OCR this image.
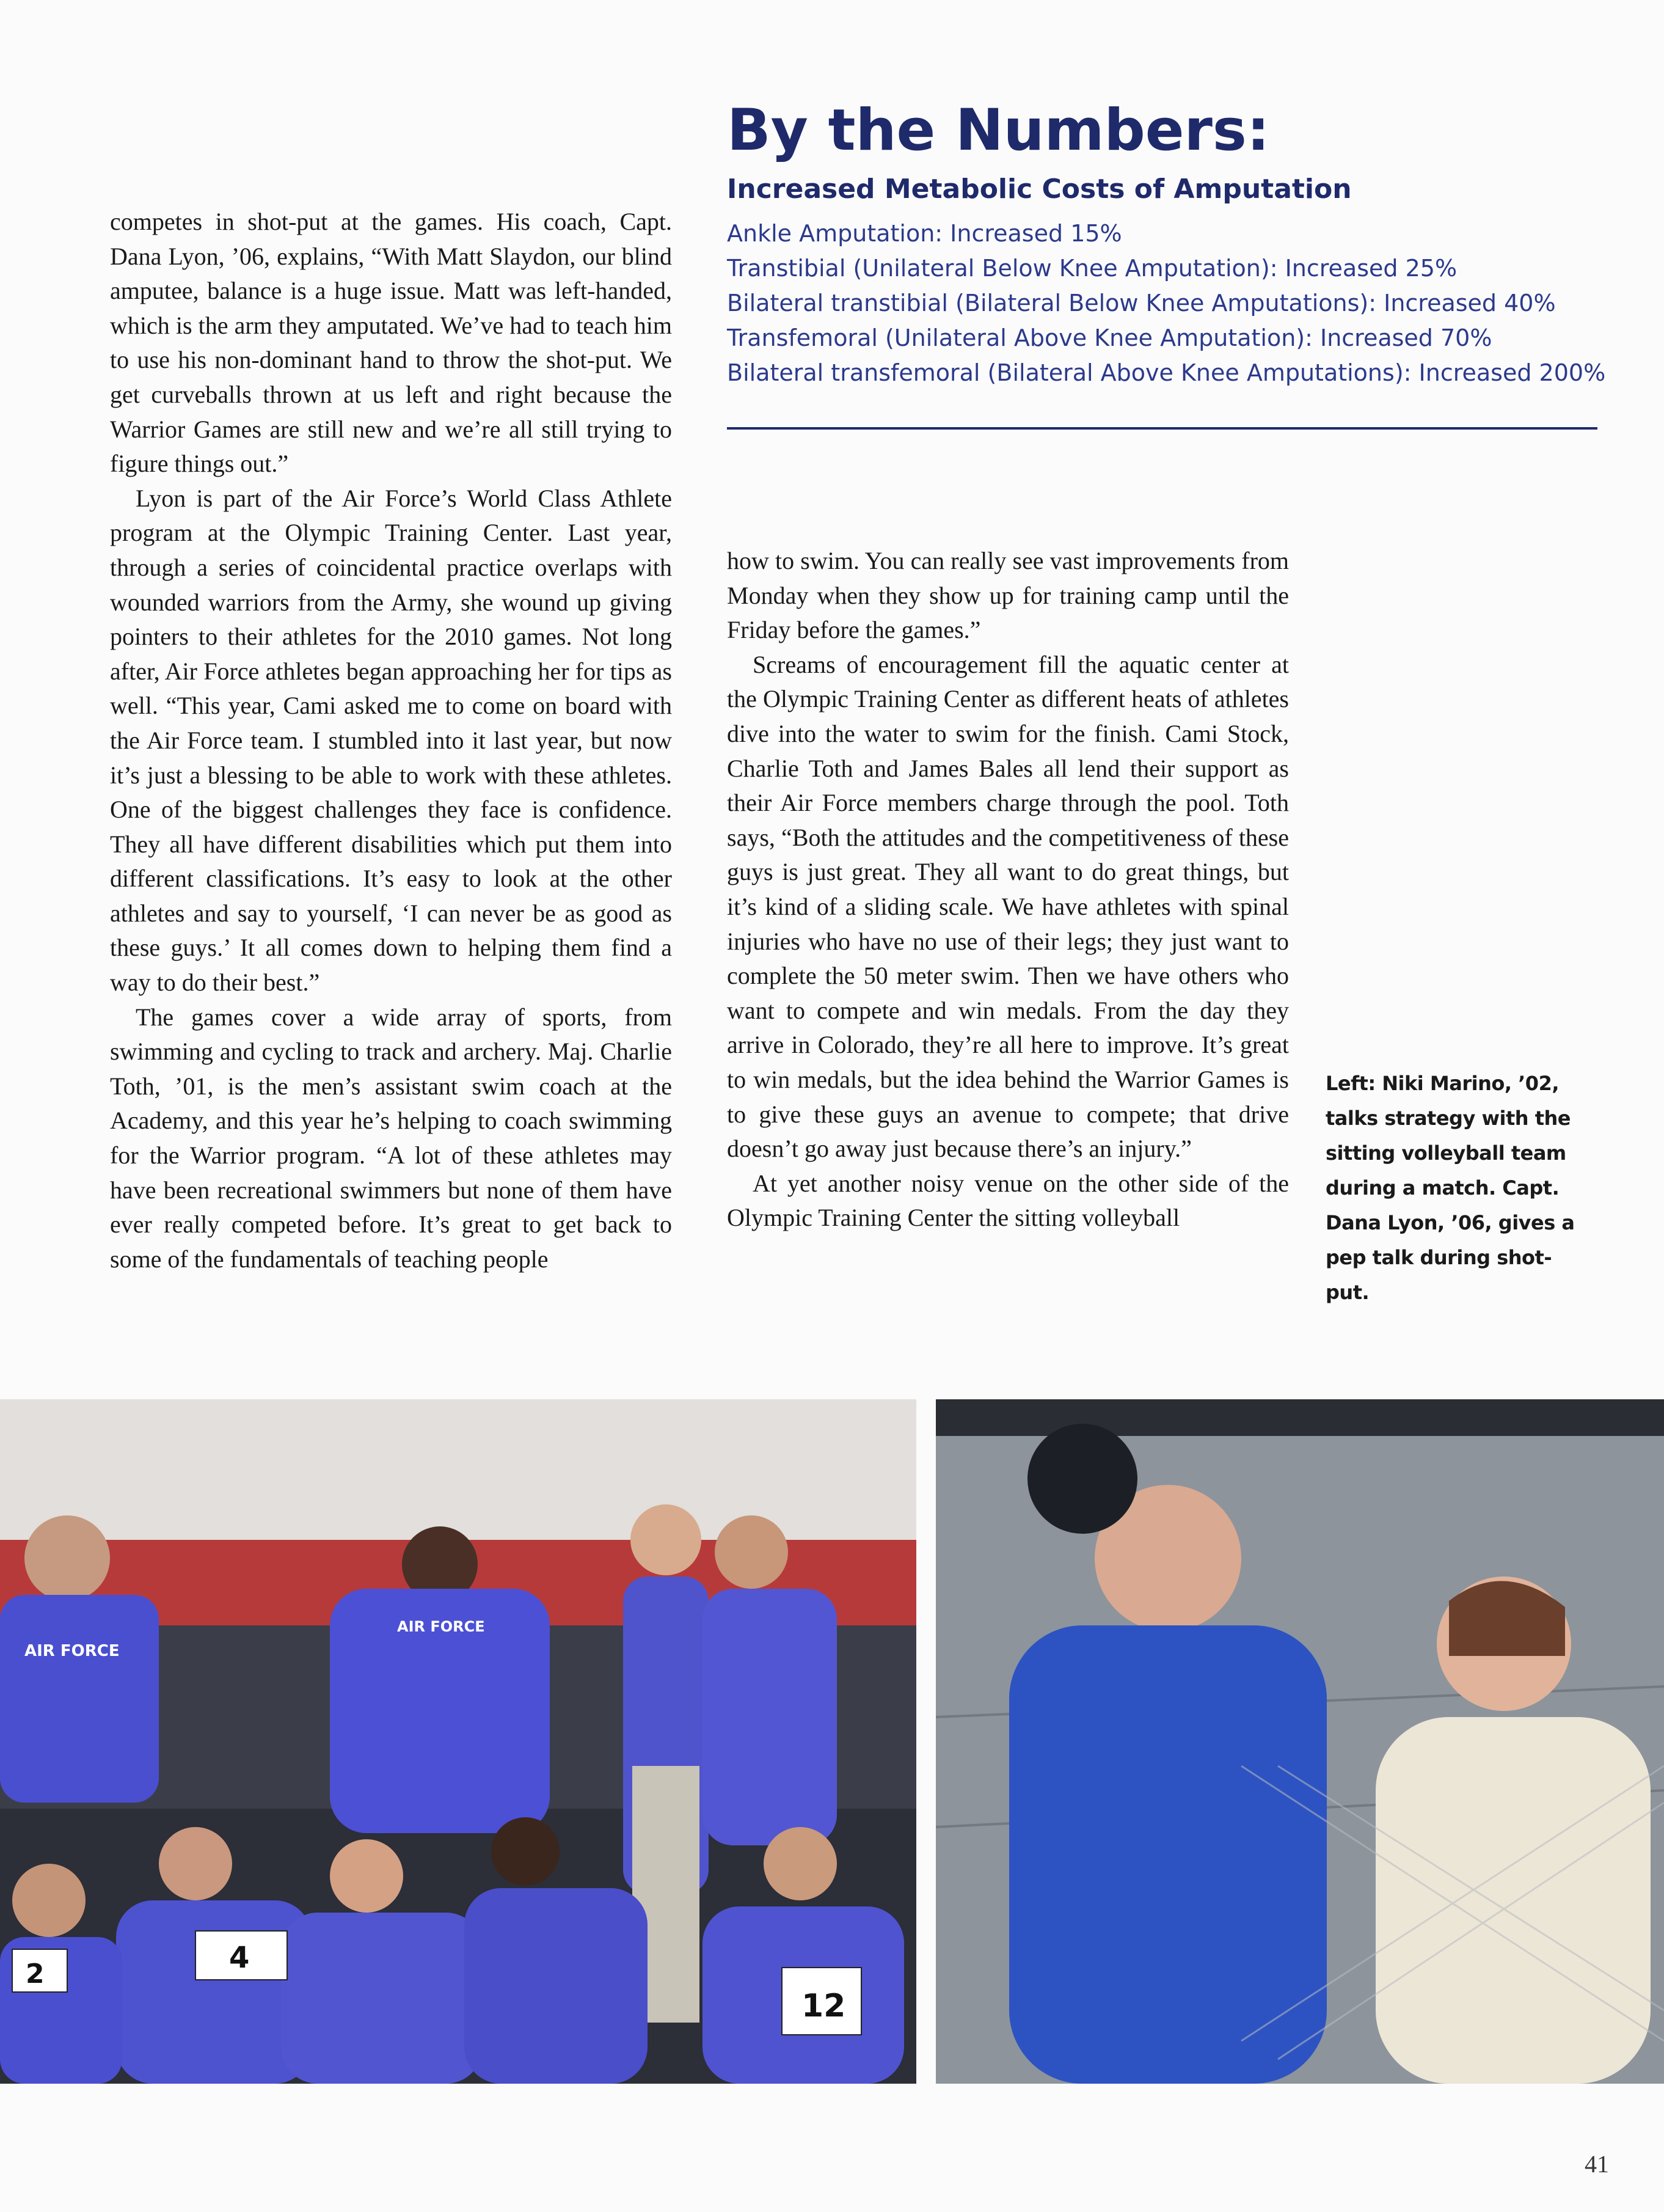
By the Numbers:
Increased Metabolic Costs of Amputation
Ankle Amputation: Increased 15%
Transtibial (Unilateral Below Knee Amputation): Increased 25%
Bilateral transtibial (Bilateral Below Knee Amputations): Increased 40%
Transfemoral (Unilateral Above Knee Amputation): Increased 70%
Bilateral transfemoral (Bilateral Above Knee Amputations): Increased 200%

competes in shot-put at the games. His coach, Capt. Dana Lyon, ’06, explains, “With Matt Slaydon, our blind amputee, balance is a huge issue. Matt was left-handed, which is the arm they amputated. We’ve had to teach him to use his non-dominant hand to throw the shot-put. We get curveballs thrown at us left and right because the Warrior Games are still new and we’re all still trying to figure things out.”

Lyon is part of the Air Force’s World Class Athlete program at the Olympic Training Center. Last year, through a series of coincidental practice overlaps with wounded warriors from the Army, she wound up giving pointers to their athletes for the 2010 games. Not long after, Air Force athletes began approaching her for tips as well. “This year, Cami asked me to come on board with the Air Force team. I stumbled into it last year, but now it’s just a blessing to be able to work with these athletes. One of the biggest challenges they face is confidence. They all have different disabilities which put them into different classifications. It’s easy to look at the other athletes and say to yourself, ‘I can never be as good as these guys.’ It all comes down to helping them find a way to do their best.”

The games cover a wide array of sports, from swimming and cycling to track and archery. Maj. Charlie Toth, ’01, is the men’s assistant swim coach at the Academy, and this year he’s helping to coach swimming for the Warrior program. “A lot of these athletes may have been recreational swimmers but none of them have ever really competed before. It’s great to get back to some of the fundamentals of teaching people

how to swim. You can really see vast improvements from Monday when they show up for training camp until the Friday before the games.”

Screams of encouragement fill the aquatic center at the Olympic Training Center as different heats of athletes dive into the water to swim for the finish. Cami Stock, Charlie Toth and James Bales all lend their support as their Air Force members charge through the pool. Toth says, “Both the attitudes and the competitiveness of these guys is just great. They all want to do great things, but it’s kind of a sliding scale. We have athletes with spinal injuries who have no use of their legs; they just want to complete the 50 meter swim. Then we have others who want to compete and win medals. From the day they arrive in Colorado, they’re all here to improve. It’s great to win medals, but the idea behind the Warrior Games is to give these guys an avenue to compete; that drive doesn’t go away just because there’s an injury.”

At yet another noisy venue on the other side of the Olympic Training Center the sitting volleyball

Left: Niki Marino, ’02, talks strategy with the sitting volleyball team during a match. Capt. Dana Lyon, ’06, gives a pep talk during shot-put.
AIR FORCE
AIR FORCE
2	4
12
41
